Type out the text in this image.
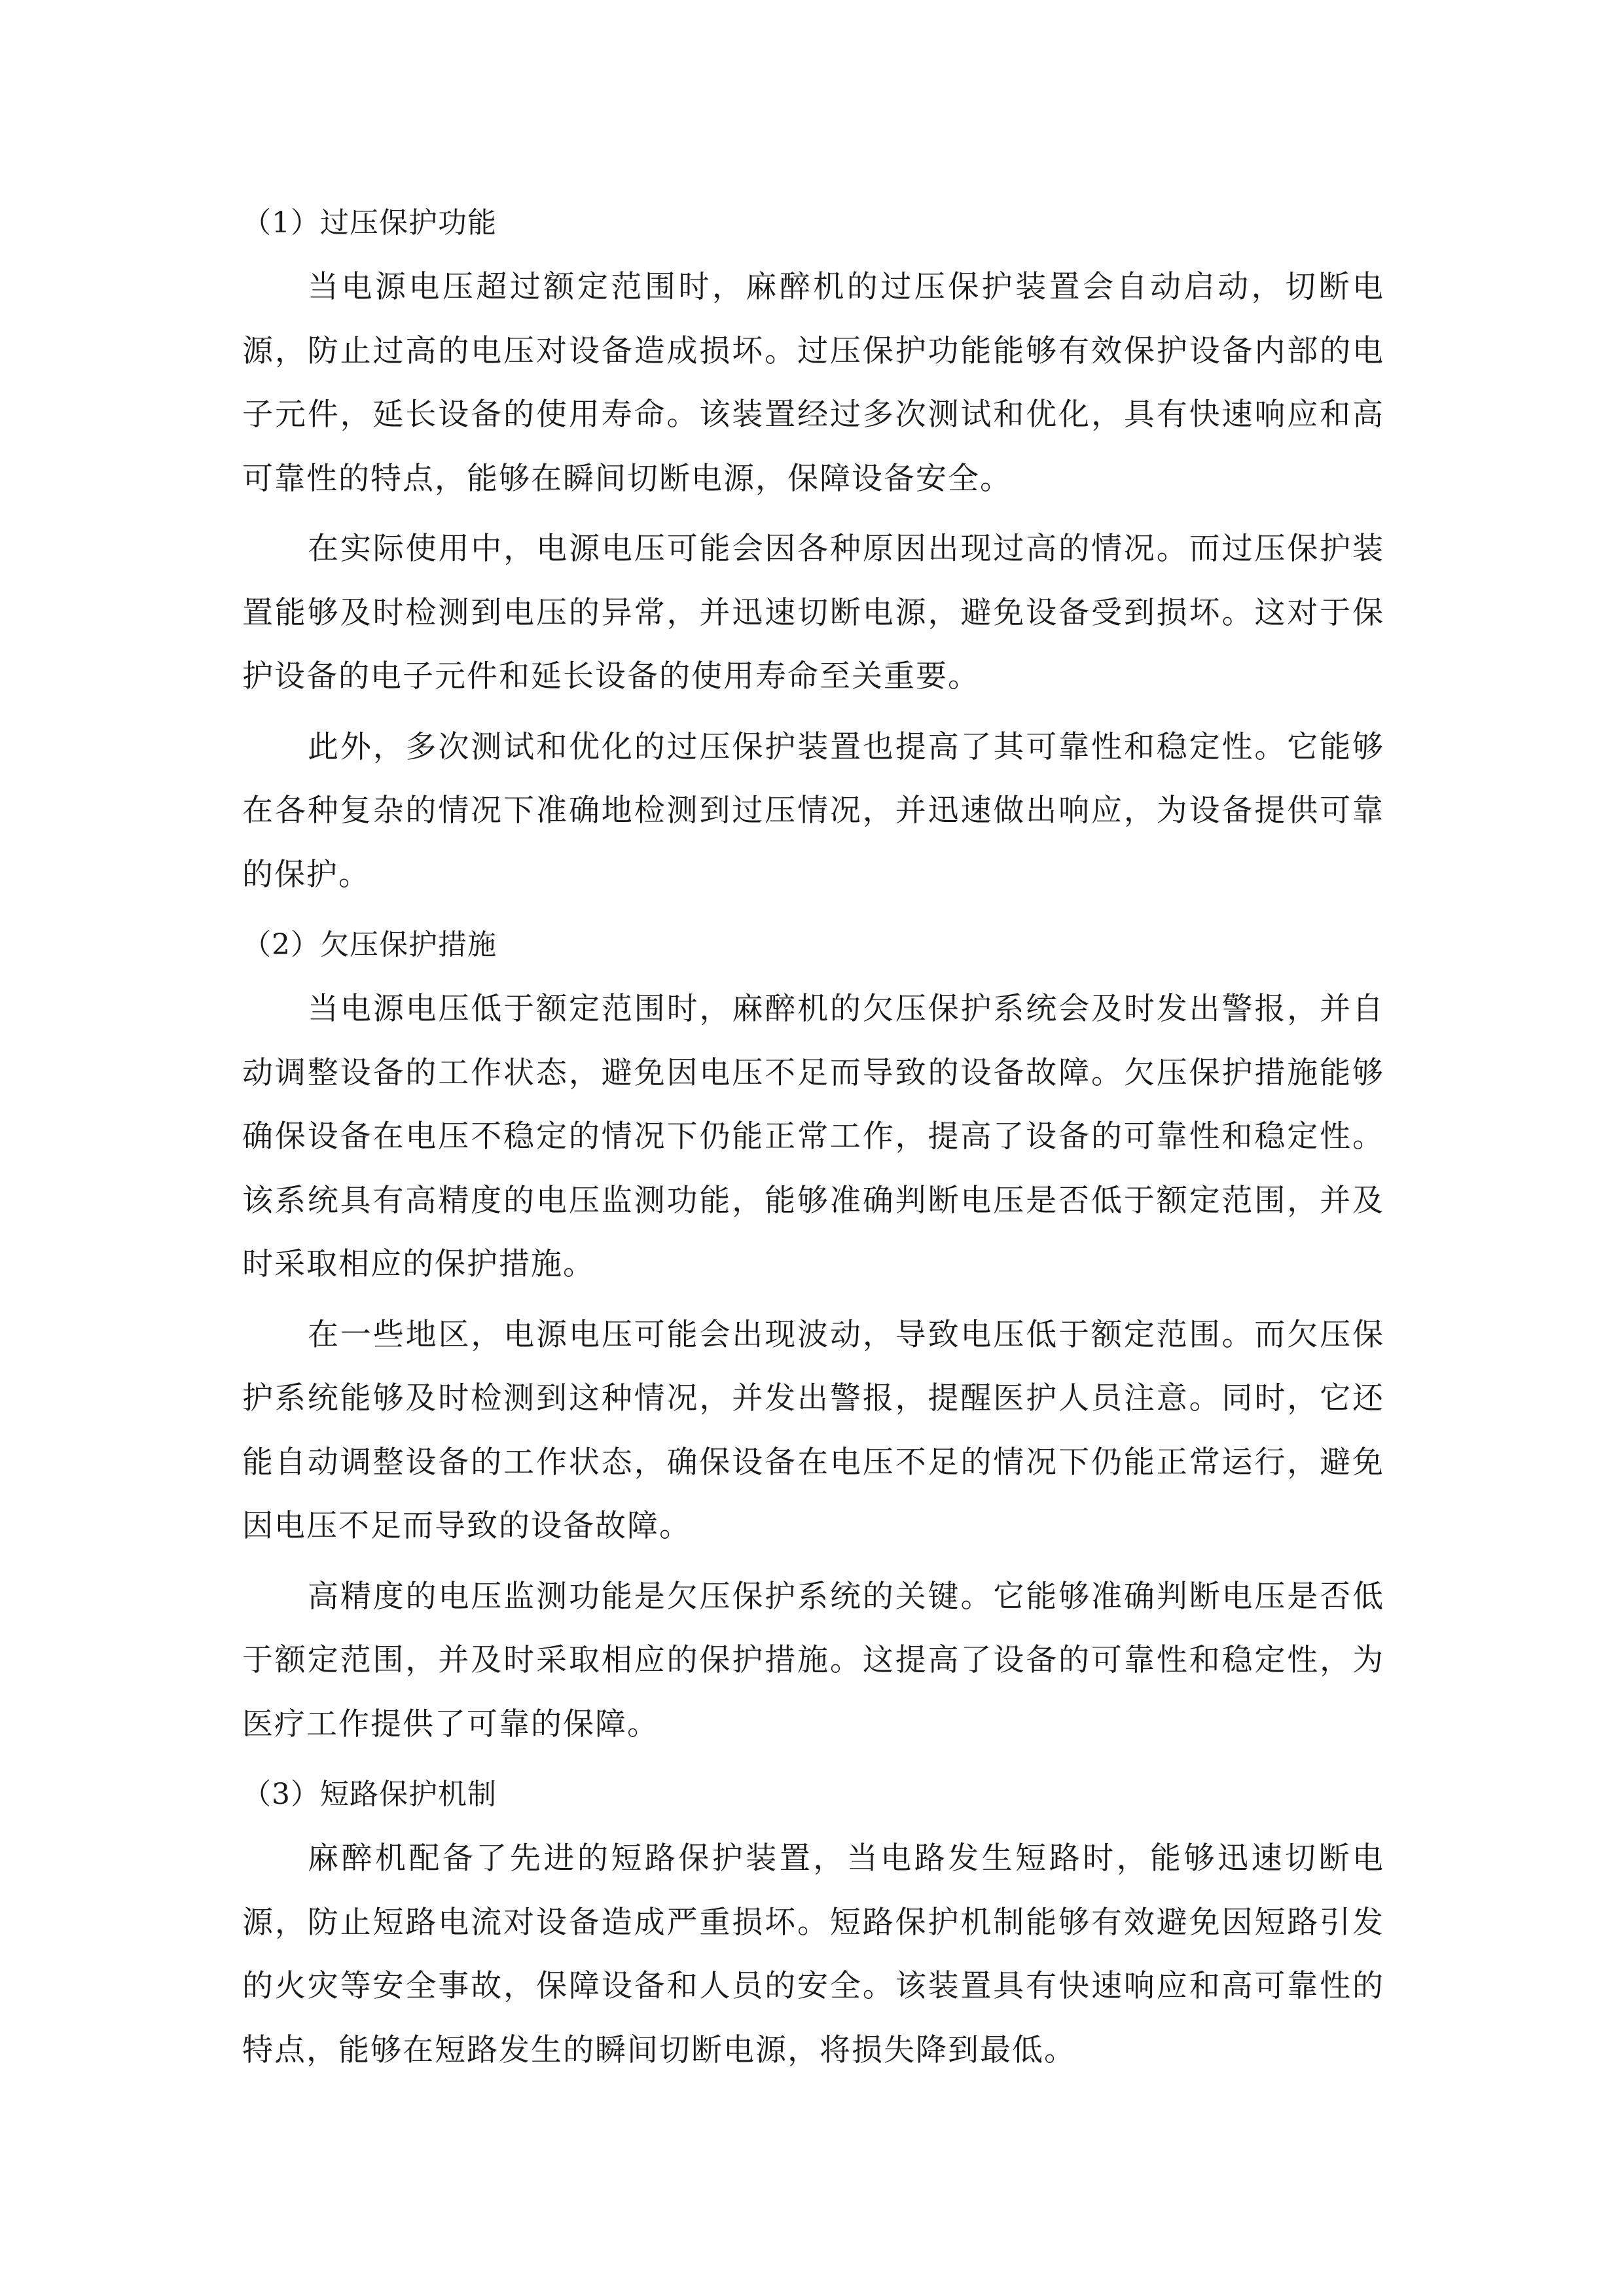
（1）过压保护功能

当电源电压超过额定范围时，麻醉机的过压保护装置会自动启动，切断电源，防止过高的电压对设备造成损坏。过压保护功能能够有效保护设备内部的电子元件，延长设备的使用寿命。该装置经过多次测试和优化，具有快速响应和高可靠性的特点，能够在瞬间切断电源，保障设备安全。

在实际使用中，电源电压可能会因各种原因出现过高的情况。而过压保护装置能够及时检测到电压的异常，并迅速切断电源，避免设备受到损坏。这对于保护设备的电子元件和延长设备的使用寿命至关重要。

此外，多次测试和优化的过压保护装置也提高了其可靠性和稳定性。它能够在各种复杂的情况下准确地检测到过压情况，并迅速做出响应，为设备提供可靠的保护。

（2）欠压保护措施

当电源电压低于额定范围时，麻醉机的欠压保护系统会及时发出警报，并自动调整设备的工作状态，避免因电压不足而导致的设备故障。欠压保护措施能够确保设备在电压不稳定的情况下仍能正常工作，提高了设备的可靠性和稳定性。该系统具有高精度的电压监测功能，能够准确判断电压是否低于额定范围，并及时采取相应的保护措施。

在一些地区，电源电压可能会出现波动，导致电压低于额定范围。而欠压保护系统能够及时检测到这种情况，并发出警报，提醒医护人员注意。同时，它还能自动调整设备的工作状态，确保设备在电压不足的情况下仍能正常运行，避免因电压不足而导致的设备故障。

高精度的电压监测功能是欠压保护系统的关键。它能够准确判断电压是否低于额定范围，并及时采取相应的保护措施。这提高了设备的可靠性和稳定性，为医疗工作提供了可靠的保障。

（3）短路保护机制

麻醉机配备了先进的短路保护装置，当电路发生短路时，能够迅速切断电源，防止短路电流对设备造成严重损坏。短路保护机制能够有效避免因短路引发的火灾等安全事故，保障设备和人员的安全。该装置具有快速响应和高可靠性的特点，能够在短路发生的瞬间切断电源，将损失降到最低。
